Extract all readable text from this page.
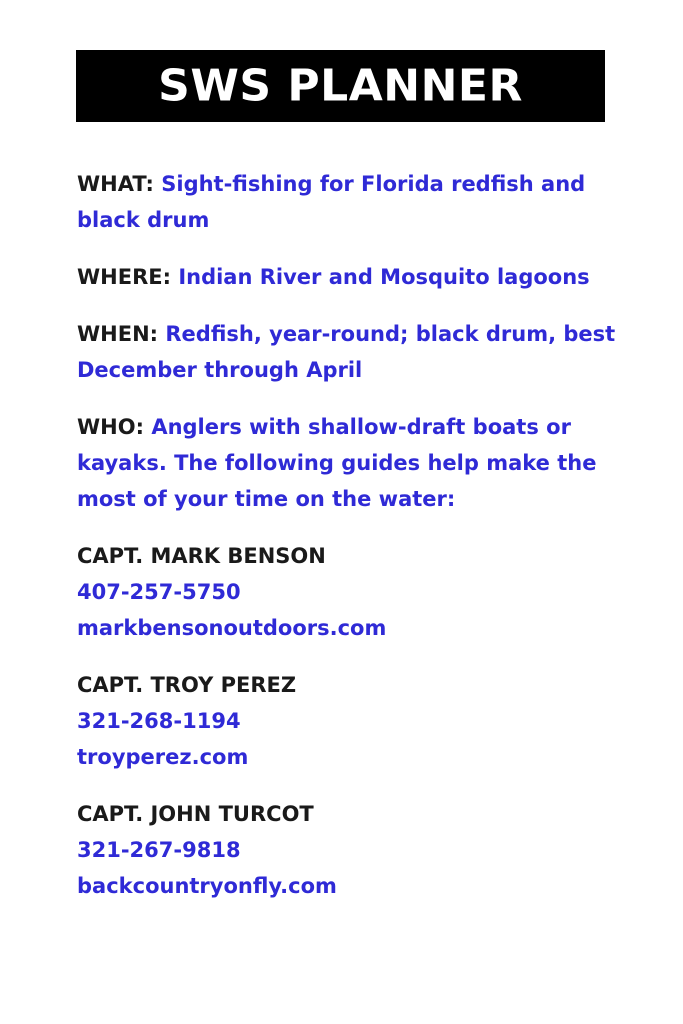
SWS PLANNER
WHAT: Sight-fishing for Florida redfish and black drum
WHERE: Indian River and Mosquito lagoons
WHEN: Redfish, year-round; black drum, best December through April
WHO: Anglers with shallow-draft boats or kayaks. The following guides help make the most of your time on the water:
CAPT. MARK BENSON
407-257-5750
markbensonoutdoors.com
CAPT. TROY PEREZ
321-268-1194
troyperez.com
CAPT. JOHN TURCOT
321-267-9818
backcountryonfly.com
